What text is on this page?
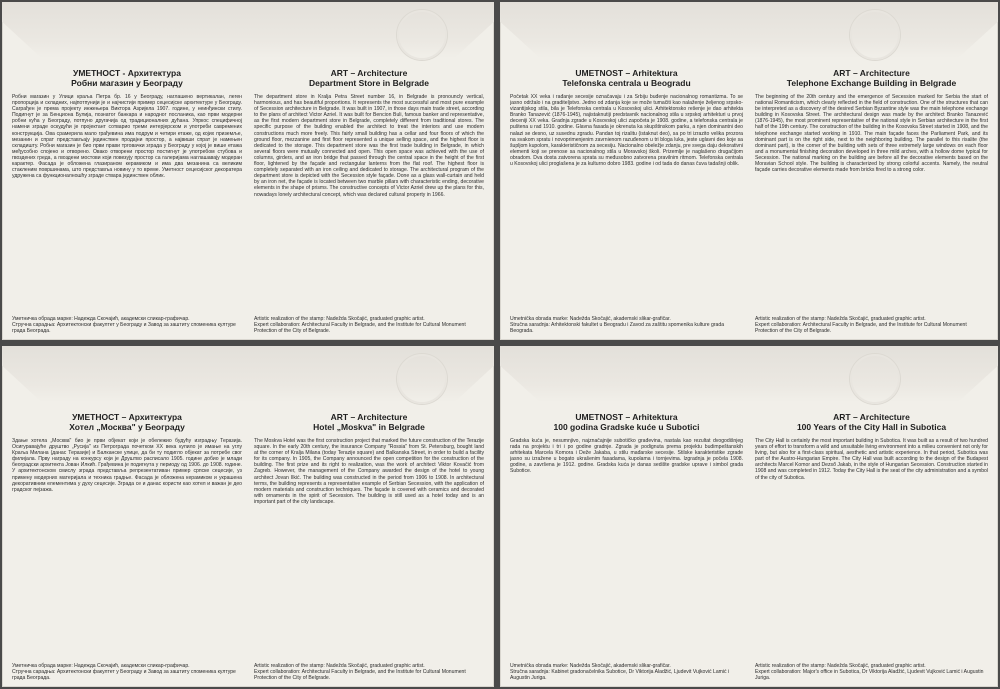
УМЕТНОСТ - Архитектура
Робни магазин у Београду
Робни магазин у Улици краља Петра бр. 16 у Београду, наглашено вертикалан, леген пропорција и складних, најпотпунији је и најчистији пример сецесијске архитектуре у Београду. Саграђен је према пројекту инжењера Виктора Азријела 1907. године, у неинђински стилу. Подигнут је за Бенционa Булија, познатог банкара и народног посланика, као први модерни робни кућа у Београду, потпуно другачија од традиционалних дућана. Упркос специфичној намени зграде оскудући је пројектант сотварио треми интерјерском и употреби савремених конструкција. Ова срамерила мало грађевина има подрум и четири етаже, од којих приземље, мезанин и спрат представљају јединствен продајни простор, а највиши спрат је намењен складишту. Робни магазин је био први прави трговачки зграда у Београду у којој је више етажа међусобно спојено и отворено. Овако отворени простор постигнут је употребом стубова и гвоздених греда, а гвоздени мостови који повезују простор са галеријама наглашавају модеран карактер. Фасада је обложена глазираном керамиком и има два мезанина са великим стакленим површинама, што представља новину у то време. Уметност сецесијског декоратера удружена са функционалношћу зграде ствара јединствен облик.
Уметничка обрада марке: Надежда Скочајић, академски сликар-графичар.
Стручна сарадња: Архитектонски факултет у Београду и Завод за заштиту споменика културе града Београда.
ART – Architecture
Department Store in Belgrade
The department store in Kralja Petra Street number 16, in Belgrade is pronouncly vertical, harmonious, and has beautiful proportions. It represents the most successful and most pure example of Secession architecture in Belgrade. It was built in 1907, in those days main trade street, according to the plans of architect Victor Azriel. It was built for Bencion Buli, famous banker and representative, as the first modern department store in Belgrade, completely different from traditional stores. The specific purpose of the building enabled the architect to treat the interiors and use modern constructions much more freely. This fairly small building has a cellar and four floors of which the ground floor, mezzanine and first floor represented a unique selling space, and the highest floor is dedicated to the storage. This department store was the first trade building in Belgrade, in which several floors were mutually connected and open. This open space was achieved with the use of columns, girders, and an iron bridge that passed through the central space in the height of the first floor, lightened by the façade and rectangular lanterns from the flat roof. The highest floor is completely separated with an iron ceiling and dedicated to storage. The architectural program of the department store is depicted with the Secession style façade. Done as a glass wall-curtain and held by an iron net, the façade is located between two marble pillars with characteristic ending, decorative elements in the shape of prisms. The constructive concepts of Victor Azriel drew up the plans for this, nowadays lonely architectural concept, which was declared cultural property in 1966.
Artistic realization of the stamp: Nadežda Skočajić, graduated graphic artist.
Expert collaboration: Architectural Faculty in Belgrade, and the Institute for Cultural Monument Protection of the City of Belgrade.
UMETNOST – Arhitektura
Telefonska centrala u Beogradu
Početak XX veka i rađanje secesije označavaju i za Srbiju buđenje nacionalnog romantizma. To se jasno održalo i na graditeljstvo. Jedno od zdanja koje se može tumačiti kao nalaženje željenog srpsko-vizantijskog stila, bila je Telefonska centrala u Kosovskoj ulici. Arhitektonsko rešenje je dao arhitekta Branko Tanazević (1876-1945), najistaknutiji predstavnik nacionalnog stila u srpskoj arhitekturi u prvoj deceniji XX veka. Gradnja zgrade u Kosovskoj ulici započeta je 1908. godine, a telefonska centrala je puštena u rad 1910. godine. Glavna fasada je okrenuta ka skupštinskom parku, a njen dominantni deo nalazi se desno, uz susednu zgradu. Pandan toj rizalitu (istaknut deo), sa po tri izrazito velika prozora na svakom spratu i novoprimenjenim zavrnienom razuđenom u tri bloga luka, jeste uglavni deo koje sa šupljom kupolom, karakterističnom za secesiju. Nacionalno obeležje zdanju, pre svega daju dekorativni elementi koji se prenose sa nacionalnog stila u Moravskoj školi. Prizemlje je naglašeno drugačijom obradom. Dva dosta zatvorena sprata su međusobno zatvorena pravilnim ritmom. Telefonska centrala u Kosovskoj ulici proglašena je za kulturno dobro 1983. godine i od tada do danas čuva tadašnji oblik.
Umetnička obrada marke: Nadežda Skočajić, akademski slikar-grafičar.
Stručna saradnja: Arhitektonski fakultet u Beogradu i Zavod za zaštitu spomenika kulture grada Beograda.
ART – Architecture
Telephone Exchange Building in Belgrade
The beginning of the 20th century and the emergence of Secession marked for Serbia the start of national Romanticism, which clearly reflected in the field of construction. One of the structures that can be interpreted as a discovery of the desired Serbian Byzantine style was the main telephone exchange building in Kosovska Street. The architectural design was made by the architect Branko Tanazević (1876-1945), the most prominent representative of the national style in Serbian architecture in the first half of the 19th century. The construction of the building in the Kosovska Street started in 1908, and the telephone exchange started working in 1910. The main façade faces the Parliament Park, and its dominant part is on the right side, next to the neighboring building. The parallel to this risalite (the dominant part), is the corner of the building with sets of three extremely large windows on each floor and a monumental finishing decoration developed in three mild arches, with a hollow dome typical for Secession. The national marking on the building are before all the decorative elements based on the Moravian School style. The building is characterized by strong colorful accents. Namely, the neutral façade carries decorative elements made from bricks fired to a strong color.
Artistic realization of the stamp: Nadežda Skočajić, graduated graphic artist.
Expert collaboration: Architectural Faculty in Belgrade, and the Institute for Cultural Monument Protection of the City of Belgrade.
УМЕТНОСТ – Архитектура
Хотел „Москва" у Београду
Здање хотела „Москва" био је први објекат који је обележио будућу изградњу Теразија. Осигуравајуће друштво „Русија" из Петрограда почетком XX века купило је имање на углу Краља Милана (данас Теразије) и Балканске улице, да би ту подигло објекат за потребе свог филијала. Прву награду на конкурсу који је Друштво расписало 1905. године добио је млади београдски архитекта Јован Илкић. Грађевина је подигнута у периоду од 1906. до 1908. године. У архитектонском смислу зграда представља репрезентативан пример српске сецесије, уз примену модерних материјала и техника градње. Фасада је обложена керамиком и украшена декоративним елементима у духу сецесије. Зграда се и данас користи као хотел и важан је део градског пејзажа.
Уметничка обрада марке: Надежда Скочајић, академски сликар-графичар.
Стручна сарадња: Архитектонски факултет у Београду и Завод за заштиту споменика културе града Београда.
ART – Architecture
Hotel „Moskva" in Belgrade
The Moskva Hotel was the first construction project that marked the future construction of the Terazije square. In the early 20th century, the insurance Company "Rossia" from St. Petersburg, bought land at the corner of Kralja Milana (today Terazije square) and Balkanska Street, in order to build a facility for its company. In 1905, the Company announced the open competition for the construction of the building. The first prize and its right to realization, was the work of architect Viktor Kovačić from Zagreb. However, the management of the Company awarded the design of the hotel to young architect Jovan Ilkić. The building was constructed in the period from 1906 to 1908. In architectural terms, the building represents a representative example of Serbian Secession, with the application of modern materials and construction techniques. The façade is covered with ceramics and decorated with ornaments in the spirit of Secession. The building is still used as a hotel today and is an important part of the city landscape.
Artistic realization of the stamp: Nadežda Skočajić, graduated graphic artist.
Expert collaboration: Architectural Faculty in Belgrade, and the Institute for Cultural Monument Protection of the City of Belgrade.
UMETNOST – Arhitektura
100 godina Gradske kuće u Subotici
Gradska kuća je, nesumnjivo, najznačajnije subotičko građevina, nastala kao rezultat dvogodišnjeg rada na projektu i tri i po godine gradnje. Zgrada je podignuta prema projektu budimpeštanskih arhitekata Marcela Komora i Deže Jakaba, u stilu mađarske secesije. Stilske karakteristike zgrade jasno su izražene u bogato ukrašenim fasadama, kupolama i tornjevima. Izgradnja je počela 1908. godine, a završena je 1912. godine. Gradska kuća je danas sedište gradske uprave i simbol grada Subotice.
Umetnička obrada marke: Nadežda Skočajić, akademski slikar-grafičar.
Stručna saradnja: Kabinet gradonačelnika Subotice, Dr Viktorija Aladžić, Ljudevit Vujković Lamić i Augustin Juriga.
ART – Architecture
100 Years of the City Hall in Subotica
The City Hall is certainly the most important building in Subotica. It was built as a result of two hundred years of effort to transform a wild and unsuitable living environment into a milieu convenient not only for living, but also for a first-class spiritual, aesthetic and artistic experience. In that period, Subotica was part of the Austro-Hungarian Empire. The City Hall was built according to the design of the Budapest architects Marcel Komor and Dezső Jakab, in the style of Hungarian Secession. Construction started in 1908 and was completed in 1912. Today the City Hall is the seat of the city administration and a symbol of the city of Subotica.
Artistic realization of the stamp: Nadežda Skočajić, graduated graphic artist.
Expert collaboration: Major's office in Subotica, Dr Viktorija Aladžić, Ljudevit Vujković Lamić i Augustin Juriga.
